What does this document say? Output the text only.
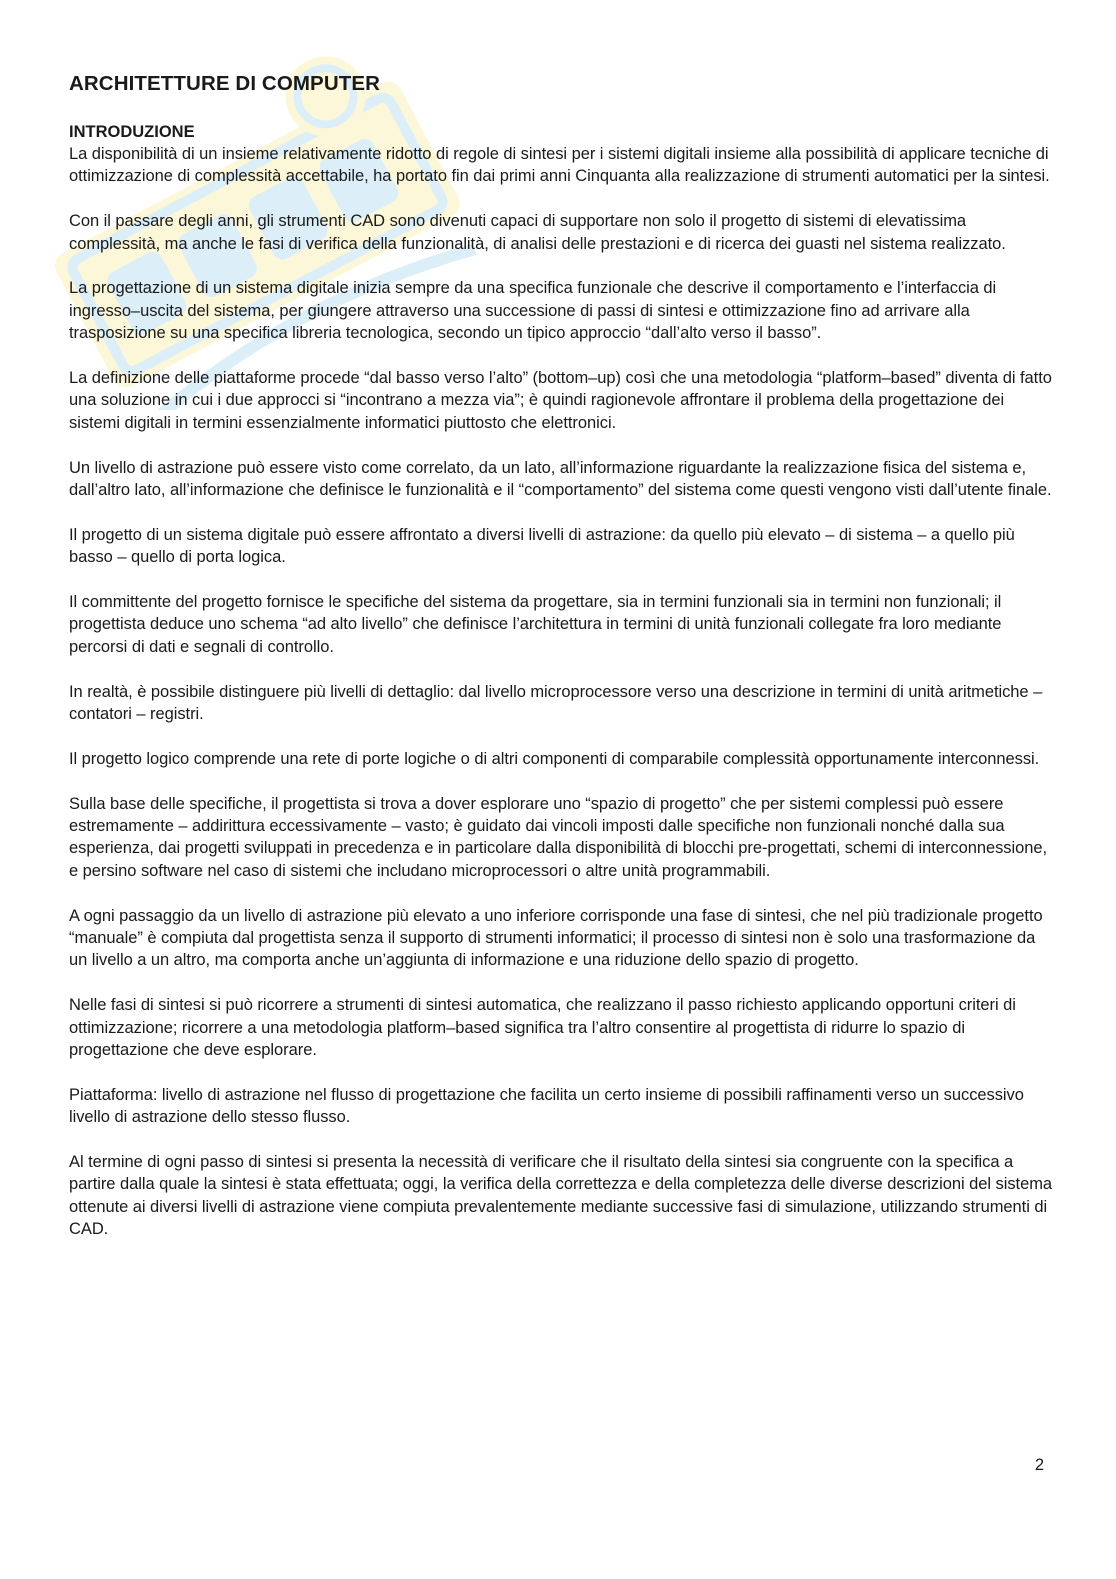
ARCHITETTURE DI COMPUTER
INTRODUZIONE

La disponibilità di un insieme relativamente ridotto di regole di sintesi per i sistemi digitali insieme alla possibilità di applicare tecniche di ottimizzazione di complessità accettabile, ha portato fin dai primi anni Cinquanta alla realizzazione di strumenti automatici per la sintesi.

Con il passare degli anni, gli strumenti CAD sono divenuti capaci di supportare non solo il progetto di sistemi di elevatissima complessità, ma anche le fasi di verifica della funzionalità, di analisi delle prestazioni e di ricerca dei guasti nel sistema realizzato.

La progettazione di un sistema digitale inizia sempre da una specifica funzionale che descrive il comportamento e l’interfaccia di ingresso–uscita del sistema, per giungere attraverso una successione di passi di sintesi e ottimizzazione fino ad arrivare alla trasposizione su una specifica libreria tecnologica, secondo un tipico approccio “dall’alto verso il basso”.

La definizione delle piattaforme procede “dal basso verso l’alto” (bottom–up) così che una metodologia “platform–based” diventa di fatto una soluzione in cui i due approcci si “incontrano a mezza via”; è quindi ragionevole affrontare il problema della progettazione dei sistemi digitali in termini essenzialmente informatici piuttosto che elettronici.

Un livello di astrazione può essere visto come correlato, da un lato, all’informazione riguardante la realizzazione fisica del sistema e, dall’altro lato, all’informazione che definisce le funzionalità e il “comportamento” del sistema come questi vengono visti dall’utente finale.

Il progetto di un sistema digitale può essere affrontato a diversi livelli di astrazione: da quello più elevato – di sistema – a quello più basso – quello di porta logica.

Il committente del progetto fornisce le specifiche del sistema da progettare, sia in termini funzionali sia in termini non funzionali; il progettista deduce uno schema “ad alto livello” che definisce l’architettura in termini di unità funzionali collegate fra loro mediante percorsi di dati e segnali di controllo.

In realtà, è possibile distinguere più livelli di dettaglio: dal livello microprocessore verso una descrizione in termini di unità aritmetiche – contatori – registri.

Il progetto logico comprende una rete di porte logiche o di altri componenti di comparabile complessità opportunamente interconnessi.

Sulla base delle specifiche, il progettista si trova a dover esplorare uno “spazio di progetto” che per sistemi complessi può essere estremamente – addirittura eccessivamente – vasto; è guidato dai vincoli imposti dalle specifiche non funzionali nonché dalla sua esperienza, dai progetti sviluppati in precedenza e in particolare dalla disponibilità di blocchi pre-progettati, schemi di interconnessione, e persino software nel caso di sistemi che includano microprocessori o altre unità programmabili.

A ogni passaggio da un livello di astrazione più elevato a uno inferiore corrisponde una fase di sintesi, che nel più tradizionale progetto “manuale” è compiuta dal progettista senza il supporto di strumenti informatici; il processo di sintesi non è solo una trasformazione da un livello a un altro, ma comporta anche un’aggiunta di informazione e una riduzione dello spazio di progetto.

Nelle fasi di sintesi si può ricorrere a strumenti di sintesi automatica, che realizzano il passo richiesto applicando opportuni criteri di ottimizzazione; ricorrere a una metodologia platform–based significa tra l’altro consentire al progettista di ridurre lo spazio di progettazione che deve esplorare.

Piattaforma: livello di astrazione nel flusso di progettazione che facilita un certo insieme di possibili raffinamenti verso un successivo livello di astrazione dello stesso flusso.

Al termine di ogni passo di sintesi si presenta la necessità di verificare che il risultato della sintesi sia congruente con la specifica a partire dalla quale la sintesi è stata effettuata; oggi, la verifica della correttezza e della completezza delle diverse descrizioni del sistema ottenute ai diversi livelli di astrazione viene compiuta prevalentemente mediante successive fasi di simulazione, utilizzando strumenti di CAD.

2
